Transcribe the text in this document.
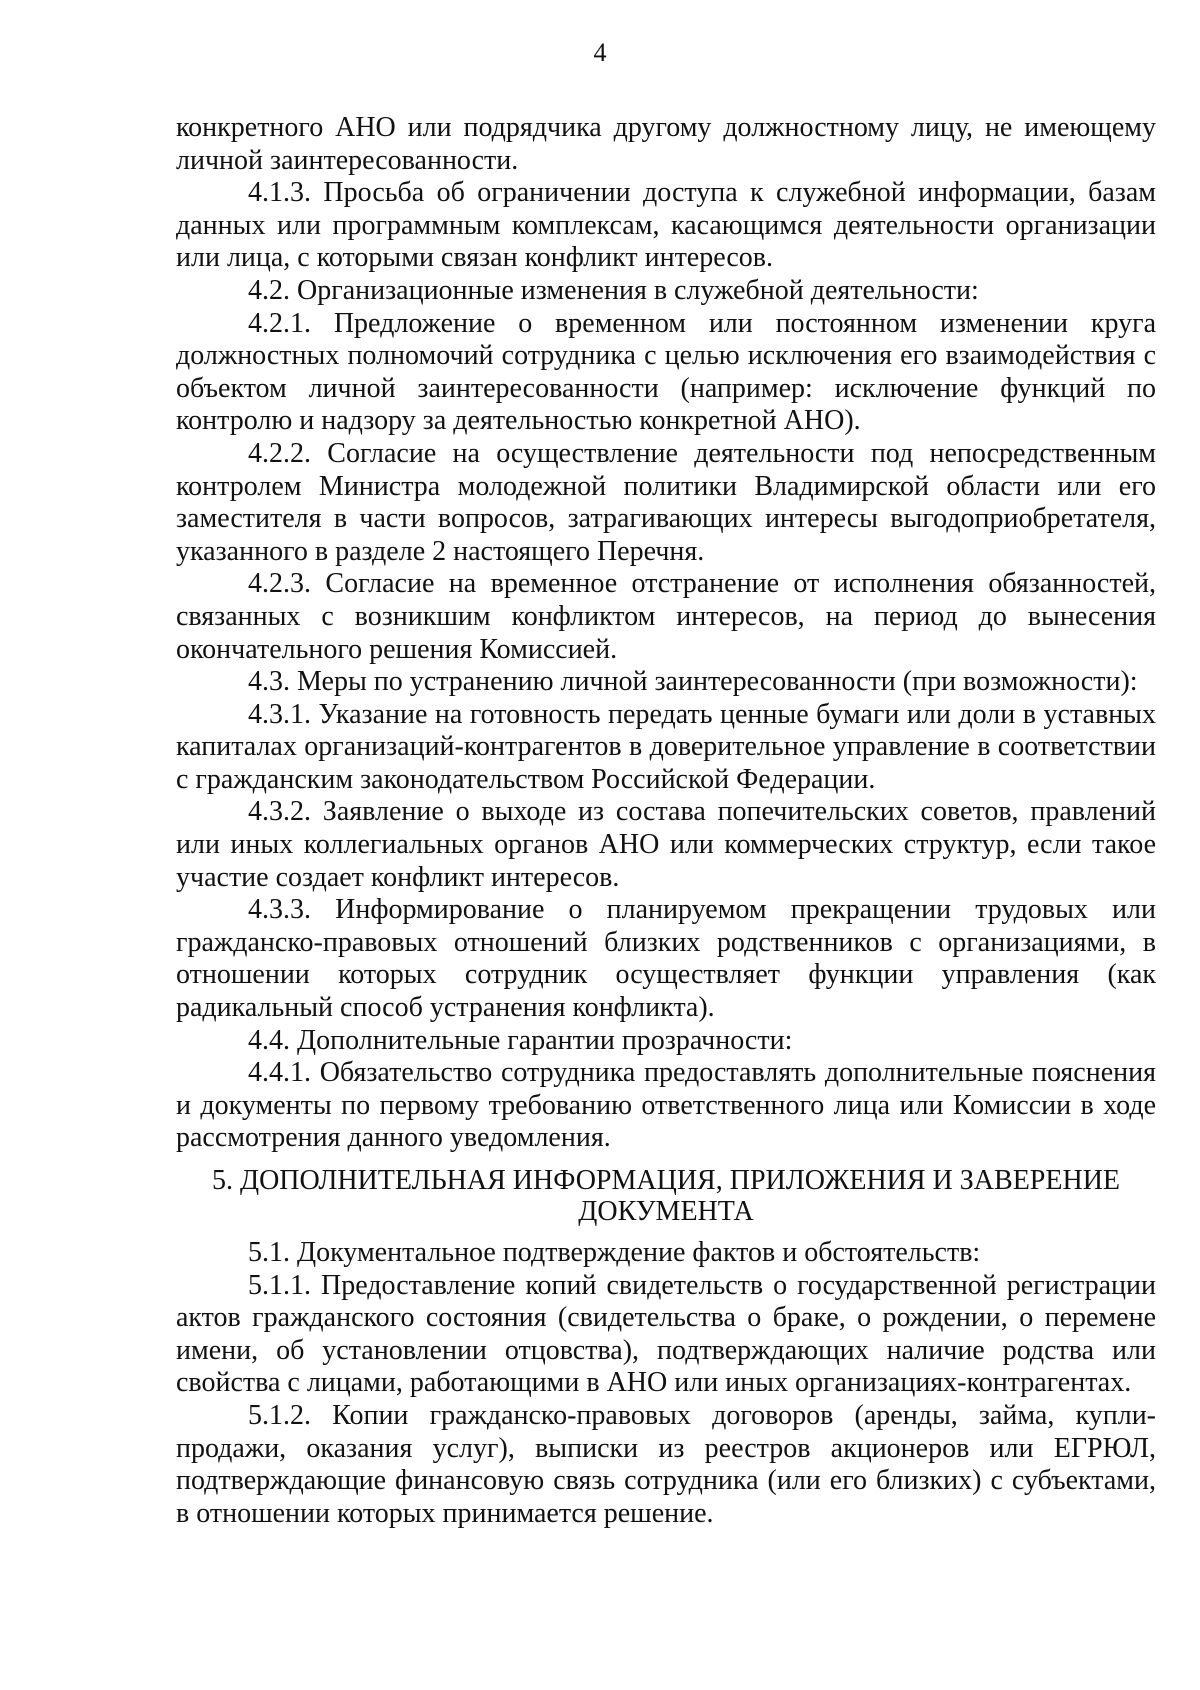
4

конкретного АНО или подрядчика другому должностному лицу, не имеющему личной заинтересованности.

4.1.3. Просьба об ограничении доступа к служебной информации, базам данных или программным комплексам, касающимся деятельности организации или лица, с которыми связан конфликт интересов.

4.2. Организационные изменения в служебной деятельности:

4.2.1. Предложение о временном или постоянном изменении круга должностных полномочий сотрудника с целью исключения его взаимодействия с объектом личной заинтересованности (например: исключение функций по контролю и надзору за деятельностью конкретной АНО).

4.2.2. Согласие на осуществление деятельности под непосредственным контролем Министра молодежной политики Владимирской области или его заместителя в части вопросов, затрагивающих интересы выгодоприобретателя, указанного в разделе 2 настоящего Перечня.

4.2.3. Согласие на временное отстранение от исполнения обязанностей, связанных с возникшим конфликтом интересов, на период до вынесения окончательного решения Комиссией.

4.3. Меры по устранению личной заинтересованности (при возможности):

4.3.1. Указание на готовность передать ценные бумаги или доли в уставных капиталах организаций-контрагентов в доверительное управление в соответствии с гражданским законодательством Российской Федерации.

4.3.2. Заявление о выходе из состава попечительских советов, правлений или иных коллегиальных органов АНО или коммерческих структур, если такое участие создает конфликт интересов.

4.3.3. Информирование о планируемом прекращении трудовых или гражданско-правовых отношений близких родственников с организациями, в отношении которых сотрудник осуществляет функции управления (как радикальный способ устранения конфликта).

4.4. Дополнительные гарантии прозрачности:

4.4.1. Обязательство сотрудника предоставлять дополнительные пояснения и документы по первому требованию ответственного лица или Комиссии в ходе рассмотрения данного уведомления.

5. ДОПОЛНИТЕЛЬНАЯ ИНФОРМАЦИЯ, ПРИЛОЖЕНИЯ И ЗАВЕРЕНИЕ ДОКУМЕНТА

5.1. Документальное подтверждение фактов и обстоятельств:

5.1.1. Предоставление копий свидетельств о государственной регистрации актов гражданского состояния (свидетельства о браке, о рождении, о перемене имени, об установлении отцовства), подтверждающих наличие родства или свойства с лицами, работающими в АНО или иных организациях-контрагентах.

5.1.2. Копии гражданско-правовых договоров (аренды, займа, купли-продажи, оказания услуг), выписки из реестров акционеров или ЕГРЮЛ, подтверждающие финансовую связь сотрудника (или его близких) с субъектами, в отношении которых принимается решение.
